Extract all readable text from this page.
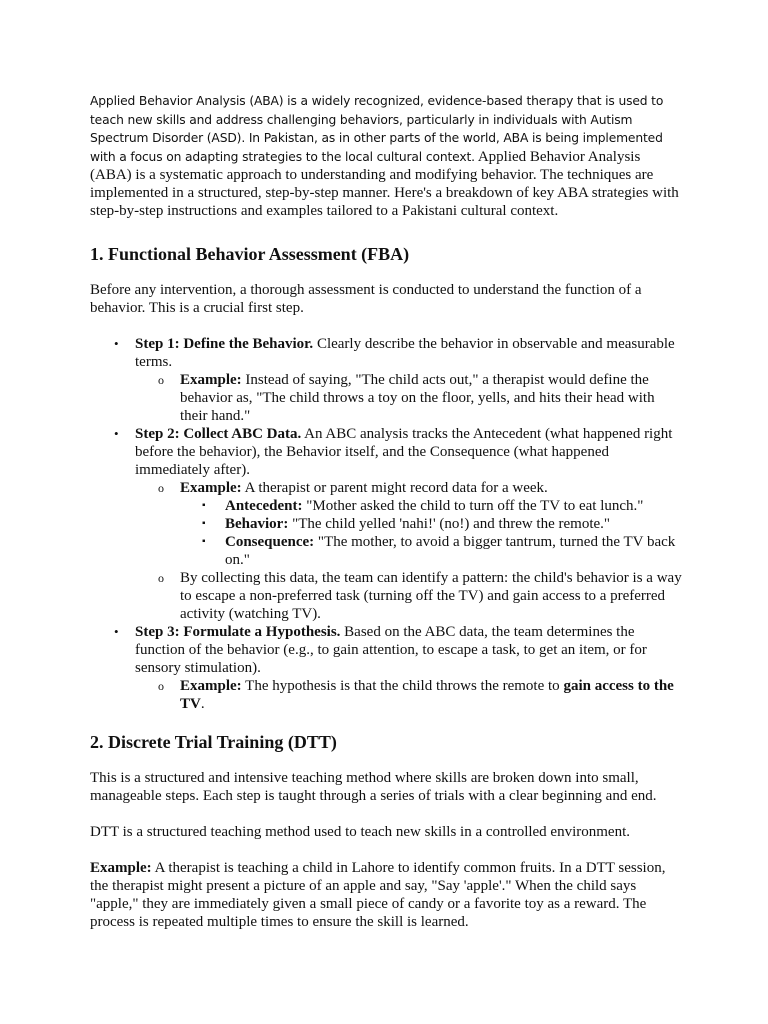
Applied Behavior Analysis (ABA) is a widely recognized, evidence-based therapy that is used to teach new skills and address challenging behaviors, particularly in individuals with Autism Spectrum Disorder (ASD). In Pakistan, as in other parts of the world, ABA is being implemented with a focus on adapting strategies to the local cultural context. Applied Behavior Analysis (ABA) is a systematic approach to understanding and modifying behavior. The techniques are implemented in a structured, step-by-step manner. Here's a breakdown of key ABA strategies with step-by-step instructions and examples tailored to a Pakistani cultural context.

1. Functional Behavior Assessment (FBA)

Before any intervention, a thorough assessment is conducted to understand the function of a behavior. This is a crucial first step.

• Step 1: Define the Behavior. Clearly describe the behavior in observable and measurable terms.
o Example: Instead of saying, "The child acts out," a therapist would define the behavior as, "The child throws a toy on the floor, yells, and hits their head with their hand."
• Step 2: Collect ABC Data. An ABC analysis tracks the Antecedent (what happened right before the behavior), the Behavior itself, and the Consequence (what happened immediately after).
o Example: A therapist or parent might record data for a week.
▪ Antecedent: "Mother asked the child to turn off the TV to eat lunch."
▪ Behavior: "The child yelled 'nahi!' (no!) and threw the remote."
▪ Consequence: "The mother, to avoid a bigger tantrum, turned the TV back on."
o By collecting this data, the team can identify a pattern: the child's behavior is a way to escape a non-preferred task (turning off the TV) and gain access to a preferred activity (watching TV).
• Step 3: Formulate a Hypothesis. Based on the ABC data, the team determines the function of the behavior (e.g., to gain attention, to escape a task, to get an item, or for sensory stimulation).
o Example: The hypothesis is that the child throws the remote to gain access to the TV.
2. Discrete Trial Training (DTT)

This is a structured and intensive teaching method where skills are broken down into small, manageable steps. Each step is taught through a series of trials with a clear beginning and end.

DTT is a structured teaching method used to teach new skills in a controlled environment.

Example: A therapist is teaching a child in Lahore to identify common fruits. In a DTT session, the therapist might present a picture of an apple and say, "Say 'apple'." When the child says "apple," they are immediately given a small piece of candy or a favorite toy as a reward. The process is repeated multiple times to ensure the skill is learned.
